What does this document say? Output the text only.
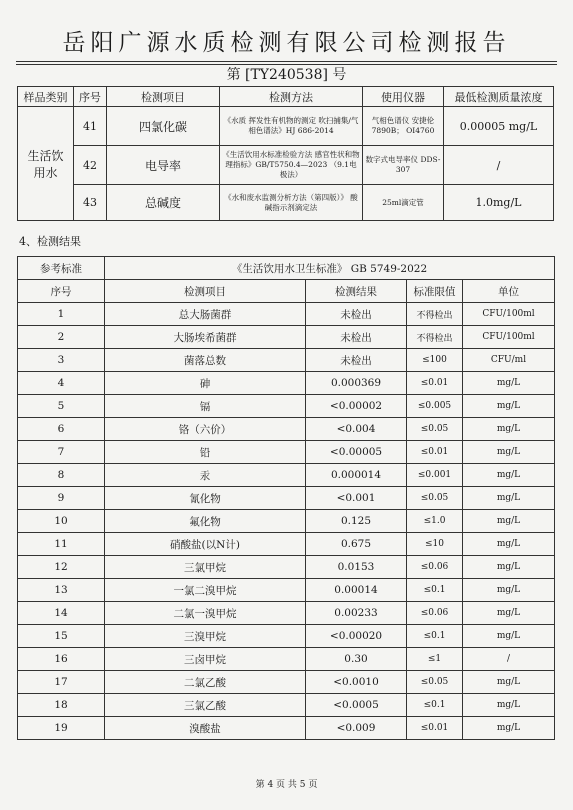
岳阳广源水质检测有限公司检测报告
第 [TY240538] 号
样品类别	序号	检测项目	检测方法	使用仪器	最低检测质量浓度
生活饮用水	41	四氯化碳	《水质 挥发性有机物的测定 吹扫捕集/气相色谱法》HJ 686-2014	气相色谱仪 安捷伦7890B； OI4760	0.00005 mg/L
	42	电导率	《生活饮用水标准检验方法 感官性状和物理指标》GB/T5750.4—2023 （9.1电极法）	数字式电导率仪 DDS-307	/
	43	总碱度	《水和废水监测分析方法（第四版）》 酸碱指示剂滴定法	25ml滴定管	1.0mg/L
4、检测结果
参考标准	《生活饮用水卫生标准》 GB 5749-2022			
序号	检测项目	检测结果	标准限值	单位
1	总大肠菌群	未检出	不得检出	CFU/100ml
2	大肠埃希菌群	未检出	不得检出	CFU/100ml
3	菌落总数	未检出	≤100	CFU/ml
4	砷	0.000369	≤0.01	mg/L
5	镉	<0.00002	≤0.005	mg/L
6	铬（六价）	<0.004	≤0.05	mg/L
7	铅	<0.00005	≤0.01	mg/L
8	汞	0.000014	≤0.001	mg/L
9	氰化物	<0.001	≤0.05	mg/L
10	氟化物	0.125	≤1.0	mg/L
11	硝酸盐(以N计)	0.675	≤10	mg/L
12	三氯甲烷	0.0153	≤0.06	mg/L
13	一氯二溴甲烷	0.00014	≤0.1	mg/L
14	二氯一溴甲烷	0.00233	≤0.06	mg/L
15	三溴甲烷	<0.00020	≤0.1	mg/L
16	三卤甲烷	0.30	≤1	/
17	二氯乙酸	<0.0010	≤0.05	mg/L
18	三氯乙酸	<0.0005	≤0.1	mg/L
19	溴酸盐	<0.009	≤0.01	mg/L
第 4 页 共 5 页
